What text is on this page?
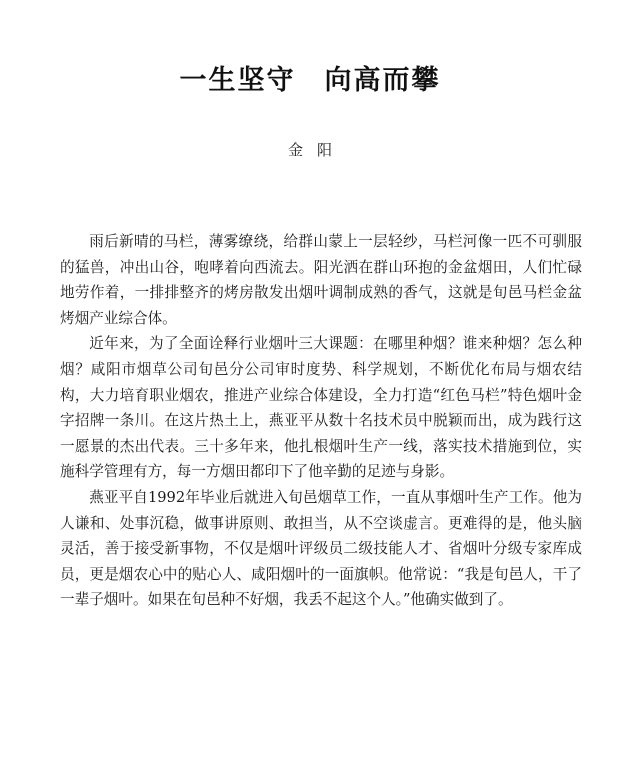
一生坚守　向高而攀
金阳

雨后新晴的马栏，薄雾缭绕，给群山蒙上一层轻纱，马栏河像一匹不可驯服的猛兽，冲出山谷，咆哮着向西流去。阳光洒在群山环抱的金盆烟田，人们忙碌地劳作着，一排排整齐的烤房散发出烟叶调制成熟的香气，这就是旬邑马栏金盆烤烟产业综合体。

近年来，为了全面诠释行业烟叶三大课题：在哪里种烟？谁来种烟？怎么种烟？咸阳市烟草公司旬邑分公司审时度势、科学规划，不断优化布局与烟农结构，大力培育职业烟农，推进产业综合体建设，全力打造“红色马栏”特色烟叶金字招牌一条川。在这片热土上，燕亚平从数十名技术员中脱颖而出，成为践行这一愿景的杰出代表。三十多年来，他扎根烟叶生产一线，落实技术措施到位，实施科学管理有方，每一方烟田都印下了他辛勤的足迹与身影。

燕亚平自1992年毕业后就进入旬邑烟草工作，一直从事烟叶生产工作。他为人谦和、处事沉稳，做事讲原则、敢担当，从不空谈虚言。更难得的是，他头脑灵活，善于接受新事物，不仅是烟叶评级员二级技能人才、省烟叶分级专家库成员，更是烟农心中的贴心人、咸阳烟叶的一面旗帜。他常说：“我是旬邑人，干了一辈子烟叶。如果在旬邑种不好烟，我丢不起这个人。”他确实做到了。
